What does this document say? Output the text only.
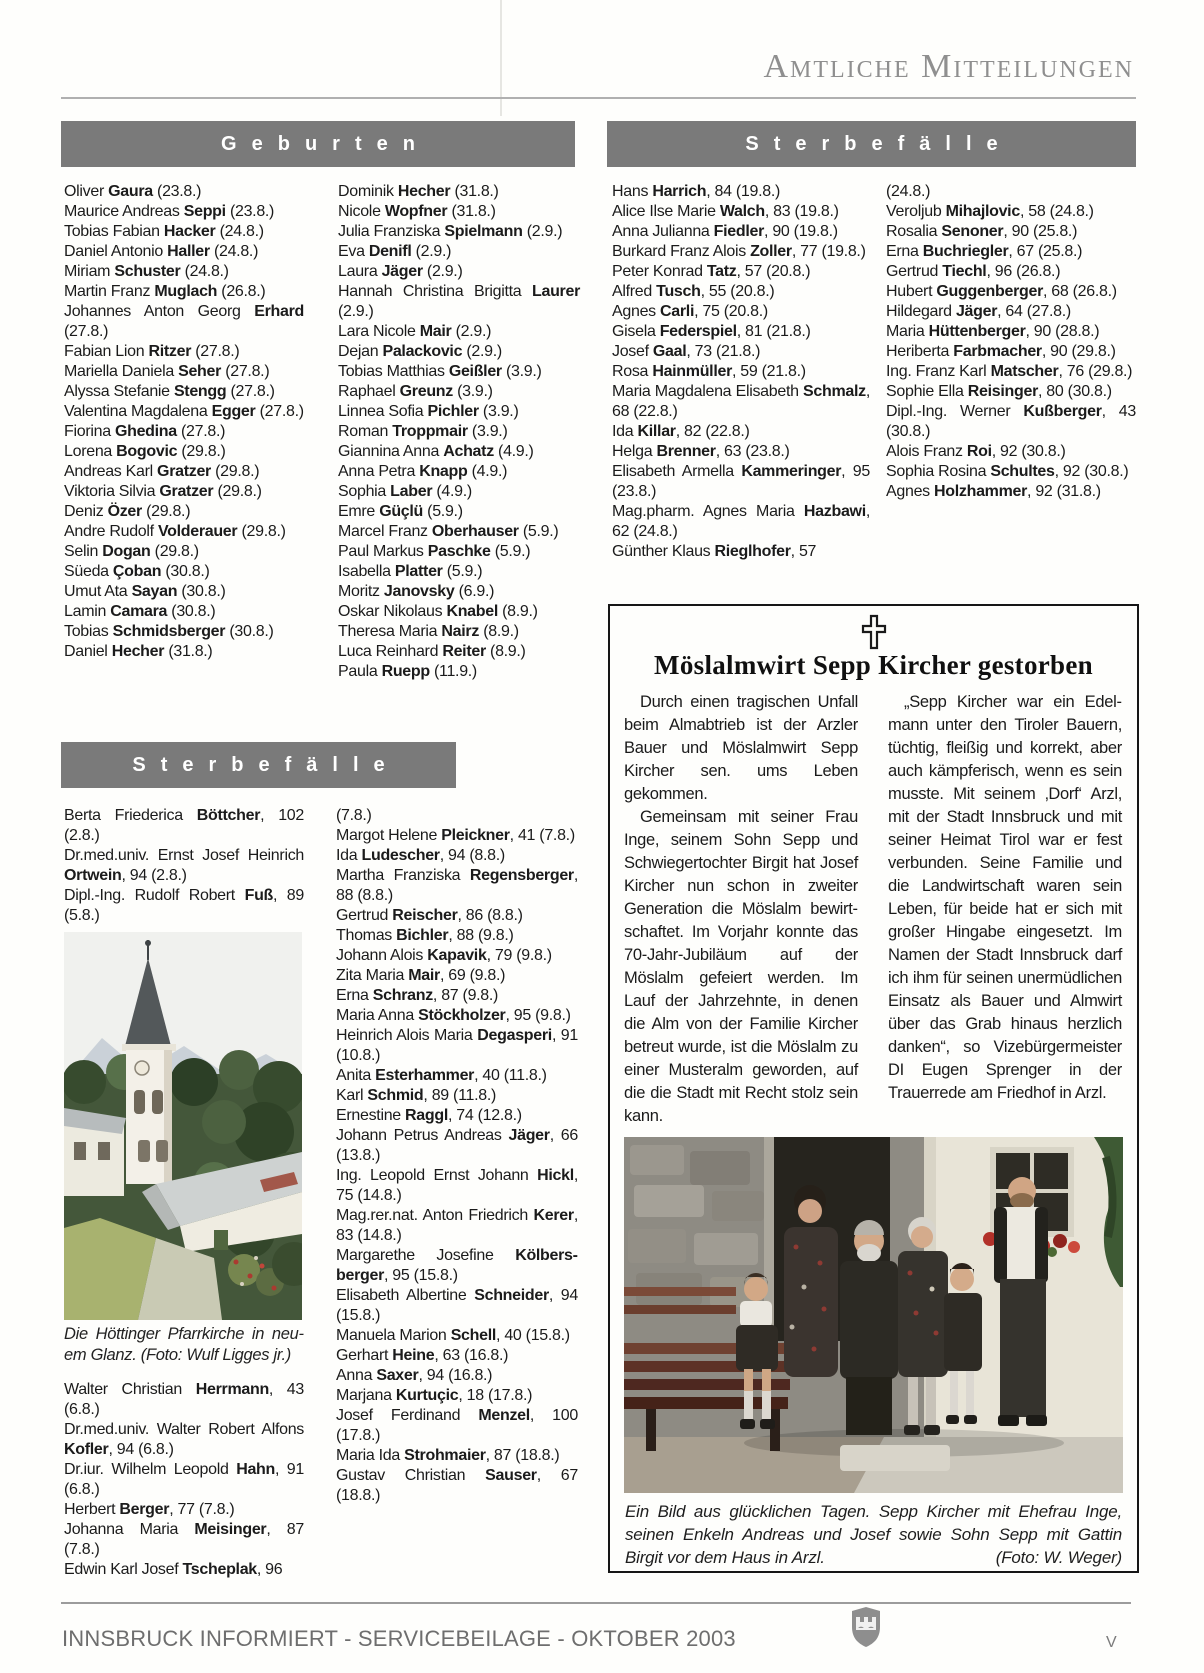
Amtliche Mitteilungen
Geburten	Sterbefälle
Sterbefälle

Oliver Gaura (23.8.)

Maurice Andreas Seppi (23.8.)

Tobias Fabian Hacker (24.8.)

Daniel Antonio Haller (24.8.)

Miriam Schuster (24.8.)

Martin Franz Muglach (26.8.)

Johannes Anton Georg Erhard (27.8.)

Fabian Lion Ritzer (27.8.)

Mariella Daniela Seher (27.8.)

Alyssa Stefanie Stengg (27.8.)

Valentina Magdalena Egger (27.8.)

Fiorina Ghedina (27.8.)

Lorena Bogovic (29.8.)

Andreas Karl Gratzer (29.8.)

Viktoria Silvia Gratzer (29.8.)

Deniz Özer (29.8.)

Andre Rudolf Volderauer (29.8.)

Selin Dogan (29.8.)

Süeda Çoban (30.8.)

Umut Ata Sayan (30.8.)

Lamin Camara (30.8.)

Tobias Schmidsberger (30.8.)

Daniel Hecher (31.8.)

Dominik Hecher (31.8.)

Nicole Wopfner (31.8.)

Julia Franziska Spielmann (2.9.)

Eva Denifl (2.9.)

Laura Jäger (2.9.)

Hannah Christina Brigitta Laurer (2.9.)

Lara Nicole Mair (2.9.)

Dejan Palackovic (2.9.)

Tobias Matthias Geißler (3.9.)

Raphael Greunz (3.9.)

Linnea Sofia Pichler (3.9.)

Roman Troppmair (3.9.)

Giannina Anna Achatz (4.9.)

Anna Petra Knapp (4.9.)

Sophia Laber (4.9.)

Emre Güçlü (5.9.)

Marcel Franz Oberhauser (5.9.)

Paul Markus Paschke (5.9.)

Isabella Platter (5.9.)

Moritz Janovsky (6.9.)

Oskar Nikolaus Knabel (8.9.)

Theresa Maria Nairz (8.9.)

Luca Reinhard Reiter (8.9.)

Paula Ruepp (11.9.)

Hans Harrich, 84 (19.8.)

Alice Ilse Marie Walch, 83 (19.8.)

Anna Julianna Fiedler, 90 (19.8.)

Burkard Franz Alois Zoller, 77 (19.8.)

Peter Konrad Tatz, 57 (20.8.)

Alfred Tusch, 55 (20.8.)

Agnes Carli, 75 (20.8.)

Gisela Federspiel, 81 (21.8.)

Josef Gaal, 73 (21.8.)

Rosa Hainmüller, 59 (21.8.)

Maria Magdalena Elisabeth Schmalz, 68 (22.8.)

Ida Killar, 82 (22.8.)

Helga Brenner, 63 (23.8.)

Elisabeth Armella Kammeringer, 95 (23.8.)

Mag.pharm. Agnes Maria Hazbawi, 62 (24.8.)

Günther Klaus Rieglhofer, 57

(24.8.)

Veroljub Mihajlovic, 58 (24.8.)

Rosalia Senoner, 90 (25.8.)

Erna Buchriegler, 67 (25.8.)

Gertrud Tiechl, 96 (26.8.)

Hubert Guggenberger, 68 (26.8.)

Hildegard Jäger, 64 (27.8.)

Maria Hüttenberger, 90 (28.8.)

Heriberta Farbmacher, 90 (29.8.)

Ing. Franz Karl Matscher, 76 (29.8.)

Sophie Ella Reisinger, 80 (30.8.)

Dipl.-Ing. Werner Kußberger, 43 (30.8.)

Alois Franz Roi, 92 (30.8.)

Sophia Rosina Schultes, 92 (30.8.)

Agnes Holzhammer, 92 (31.8.)

Berta Friederica Böttcher, 102 (2.8.)

Dr.med.univ. Ernst Josef Heinrich Ortwein, 94 (2.8.)

Dipl.-Ing. Rudolf Robert Fuß, 89 (5.8.)

Die Höttinger Pfarrkirche in neuem Glanz. (Foto: Wulf Ligges jr.)

Walter Christian Herrmann, 43 (6.8.)

Dr.med.univ. Walter Robert Alfons Kofler, 94 (6.8.)

Dr.iur. Wilhelm Leopold Hahn, 91 (6.8.)

Herbert Berger, 77 (7.8.)

Johanna Maria Meisinger, 87 (7.8.)

Edwin Karl Josef Tscheplak, 96

(7.8.)

Margot Helene Pleickner, 41 (7.8.)

Ida Ludescher, 94 (8.8.)

Martha Franziska Regensberger, 88 (8.8.)

Gertrud Reischer, 86 (8.8.)

Thomas Bichler, 88 (9.8.)

Johann Alois Kapavik, 79 (9.8.)

Zita Maria Mair, 69 (9.8.)

Erna Schranz, 87 (9.8.)

Maria Anna Stöckholzer, 95 (9.8.)

Heinrich Alois Maria Degasperi, 91 (10.8.)

Anita Esterhammer, 40 (11.8.)

Karl Schmid, 89 (11.8.)

Ernestine Raggl, 74 (12.8.)

Johann Petrus Andreas Jäger, 66 (13.8.)

Ing. Leopold Ernst Johann Hickl, 75 (14.8.)

Mag.rer.nat. Anton Friedrich Kerer, 83 (14.8.)

Margarethe Josefine Kölbersberger, 95 (15.8.)

Elisabeth Albertine Schneider, 94 (15.8.)

Manuela Marion Schell, 40 (15.8.)

Gerhart Heine, 63 (16.8.)

Anna Saxer, 94 (16.8.)

Marjana Kurtuçic, 18 (17.8.)

Josef Ferdinand Menzel, 100 (17.8.)

Maria Ida Strohmaier, 87 (18.8.)

Gustav Christian Sauser, 67 (18.8.)

Möslalmwirt Sepp Kircher gestorben

Durch einen tragischen Unfall beim Almabtrieb ist der Arzler Bauer und Möslalmwirt Sepp Kircher sen. ums Leben gekommen.

Gemeinsam mit seiner Frau Inge, seinem Sohn Sepp und Schwiegertochter Birgit hat Josef Kircher nun schon in zweiter Generation die Möslalm bewirtschaftet. Im Vorjahr konnte das 70-Jahr-Jubiläum auf der Möslalm gefeiert werden. Im Lauf der Jahrzehnte, in denen die Alm von der Familie Kircher betreut wurde, ist die Möslalm zu einer Musteralm geworden, auf die die Stadt mit Recht stolz sein kann.

„Sepp Kircher war ein Edelmann unter den Tiroler Bauern, tüchtig, fleißig und korrekt, aber auch kämpferisch, wenn es sein musste. Mit seinem ‚Dorf‘ Arzl, mit der Stadt Innsbruck und mit seiner Heimat Tirol war er fest verbunden. Seine Familie und die Landwirtschaft waren sein Leben, für beide hat er sich mit großer Hingabe eingesetzt. Im Namen der Stadt Innsbruck darf ich ihm für seinen unermüdlichen Einsatz als Bauer und Almwirt über das Grab hinaus herzlich danken“, so Vizebürgermeister DI Eugen Sprenger in der Trauerrede am Friedhof in Arzl.

Ein Bild aus glücklichen Tagen. Sepp Kircher mit Ehefrau Inge, seinen Enkeln Andreas und Josef sowie Sohn Sepp mit Gattin Birgit vor dem Haus in Arzl.	(Foto: W. Weger)

INNSBRUCK INFORMIERT - SERVICEBEILAGE - OKTOBER 2003	V
